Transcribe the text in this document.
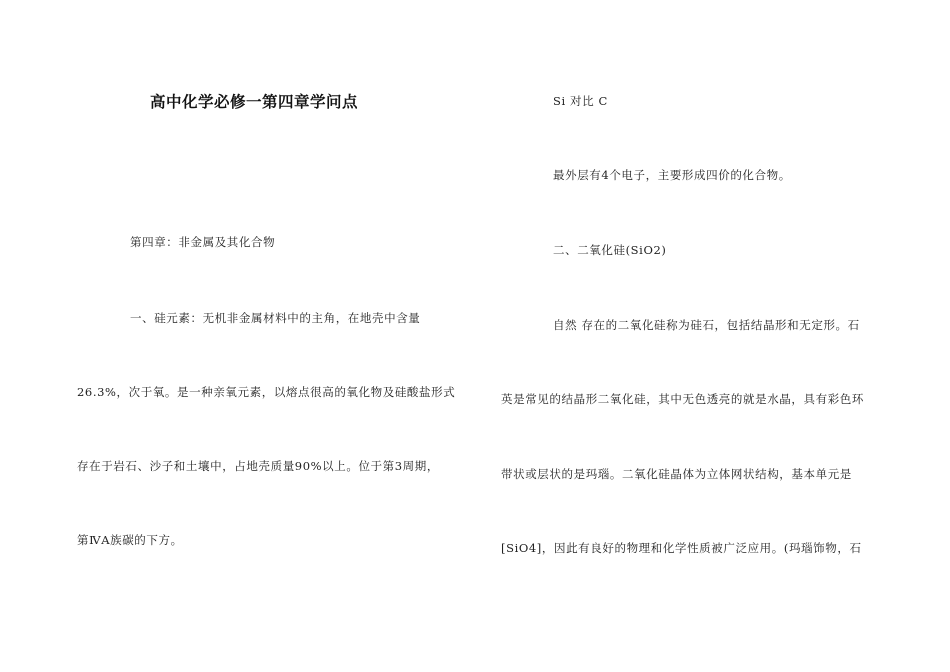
高中化学必修一第四章学问点
第四章：非金属及其化合物
一、硅元素：无机非金属材料中的主角，在地壳中含量
26.3%，次于氧。是一种亲氧元素，以熔点很高的氧化物及硅酸盐形式
存在于岩石、沙子和土壤中，占地壳质量90%以上。位于第3周期，
第ⅣA族碳的下方。
Si 对比 C
最外层有4个电子，主要形成四价的化合物。
二、二氧化硅(SiO2)
自然 存在的二氧化硅称为硅石，包括结晶形和无定形。石
英是常见的结晶形二氧化硅，其中无色透亮的就是水晶，具有彩色环
带状或层状的是玛瑙。二氧化硅晶体为立体网状结构，基本单元是
[SiO4]，因此有良好的物理和化学性质被广泛应用。(玛瑙饰物，石
